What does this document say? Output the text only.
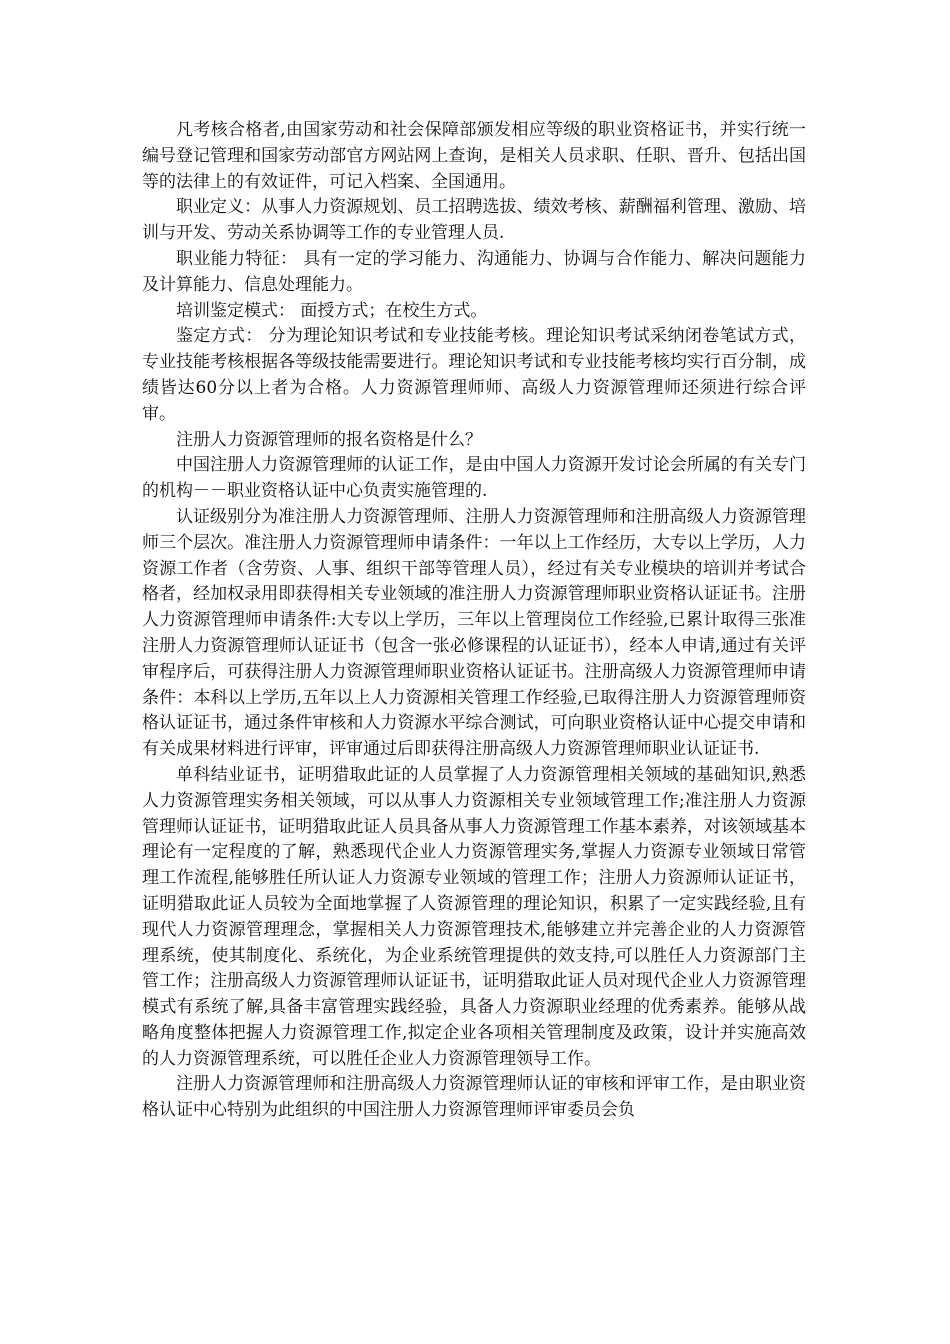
凡考核合格者,由国家劳动和社会保障部颁发相应等级的职业资格证书，并实行统一编号登记管理和国家劳动部官方网站网上查询，是相关人员求职、任职、晋升、包括出国等的法律上的有效证件，可记入档案、全国通用。

职业定义：从事人力资源规划、员工招聘选拔、绩效考核、薪酬福利管理、激励、培训与开发、劳动关系协调等工作的专业管理人员.

职业能力特征： 具有一定的学习能力、沟通能力、协调与合作能力、解决问题能力及计算能力、信息处理能力。

培训鉴定模式： 面授方式；在校生方式。

鉴定方式： 分为理论知识考试和专业技能考核。理论知识考试采纳闭卷笔试方式，专业技能考核根据各等级技能需要进行。理论知识考试和专业技能考核均实行百分制，成绩皆达60分以上者为合格。人力资源管理师师、高级人力资源管理师还须进行综合评审。

注册人力资源管理师的报名资格是什么？

中国注册人力资源管理师的认证工作，是由中国人力资源开发讨论会所属的有关专门的机构－－职业资格认证中心负责实施管理的.

认证级别分为准注册人力资源管理师、注册人力资源管理师和注册高级人力资源管理师三个层次。准注册人力资源管理师申请条件：一年以上工作经历，大专以上学历，人力资源工作者（含劳资、人事、组织干部等管理人员），经过有关专业模块的培训并考试合格者，经加权录用即获得相关专业领域的准注册人力资源管理师职业资格认证证书。注册人力资源管理师申请条件:大专以上学历，三年以上管理岗位工作经验,已累计取得三张准注册人力资源管理师认证证书（包含一张必修课程的认证证书），经本人申请,通过有关评审程序后，可获得注册人力资源管理师职业资格认证证书。注册高级人力资源管理师申请条件：本科以上学历,五年以上人力资源相关管理工作经验,已取得注册人力资源管理师资格认证证书，通过条件审核和人力资源水平综合测试，可向职业资格认证中心提交申请和有关成果材料进行评审，评审通过后即获得注册高级人力资源管理师职业认证证书.

单科结业证书，证明猎取此证的人员掌握了人力资源管理相关领域的基础知识,熟悉人力资源管理实务相关领域，可以从事人力资源相关专业领域管理工作;准注册人力资源管理师认证证书，证明猎取此证人员具备从事人力资源管理工作基本素养，对该领域基本理论有一定程度的了解，熟悉现代企业人力资源管理实务,掌握人力资源专业领域日常管理工作流程,能够胜任所认证人力资源专业领域的管理工作；注册人力资源师认证证书，证明猎取此证人员较为全面地掌握了人资源管理的理论知识，积累了一定实践经验,且有现代人力资源管理理念，掌握相关人力资源管理技术,能够建立并完善企业的人力资源管理系统，使其制度化、系统化，为企业系统管理提供的效支持,可以胜任人力资源部门主管工作；注册高级人力资源管理师认证证书，证明猎取此证人员对现代企业人力资源管理模式有系统了解,具备丰富管理实践经验，具备人力资源职业经理的优秀素养。能够从战略角度整体把握人力资源管理工作,拟定企业各项相关管理制度及政策，设计并实施高效的人力资源管理系统，可以胜任企业人力资源管理领导工作。

注册人力资源管理师和注册高级人力资源管理师认证的审核和评审工作，是由职业资格认证中心特别为此组织的中国注册人力资源管理师评审委员会负
